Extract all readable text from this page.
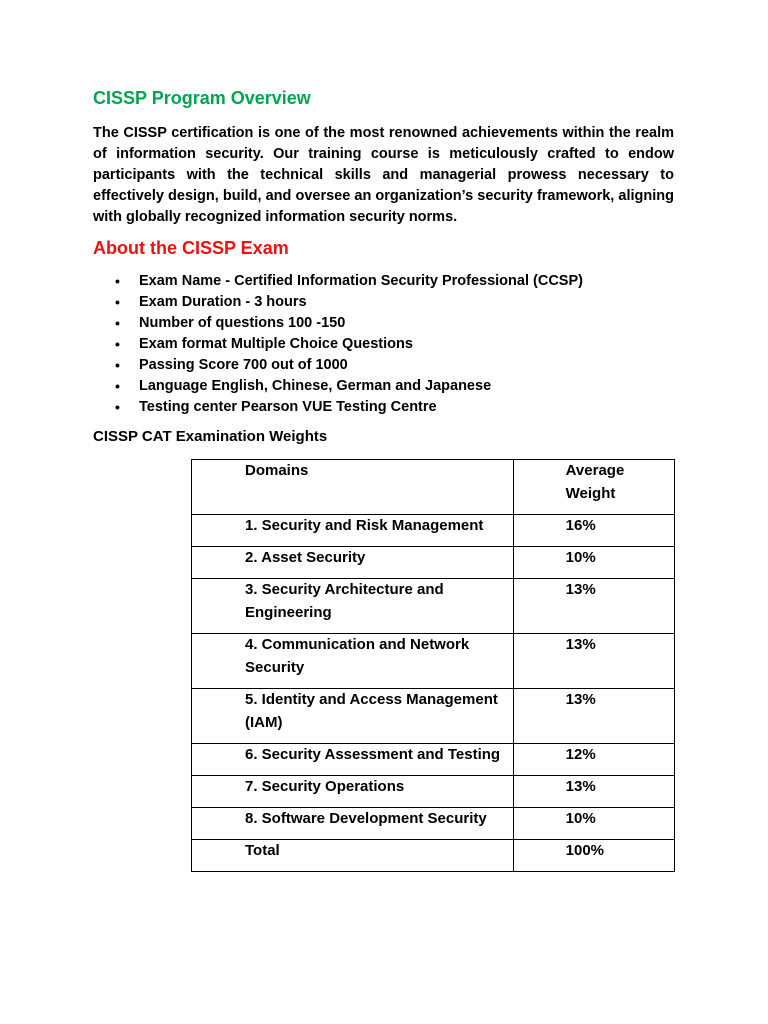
CISSP Program Overview

The CISSP certification is one of the most renowned achievements within the realm of information security. Our training course is meticulously crafted to endow participants with the technical skills and managerial prowess necessary to effectively design, build, and oversee an organization’s security framework, aligning with globally recognized information security norms.

About the CISSP Exam
• Exam Name - Certified Information Security Professional (CCSP)
• Exam Duration - 3 hours
• Number of questions 100 -150
• Exam format Multiple Choice Questions
• Passing Score 700 out of 1000
• Language English, Chinese, German and Japanese
• Testing center Pearson VUE Testing Centre

CISSP CAT Examination Weights

Domains	Average Weight

1. Security and Risk Management	16%

2. Asset Security	10%

3. Security Architecture and Engineering	13%

4. Communication and Network Security	13%

5. Identity and Access Management (IAM)	13%

6. Security Assessment and Testing	12%

7. Security Operations	13%

8. Software Development Security	10%

Total	100%
